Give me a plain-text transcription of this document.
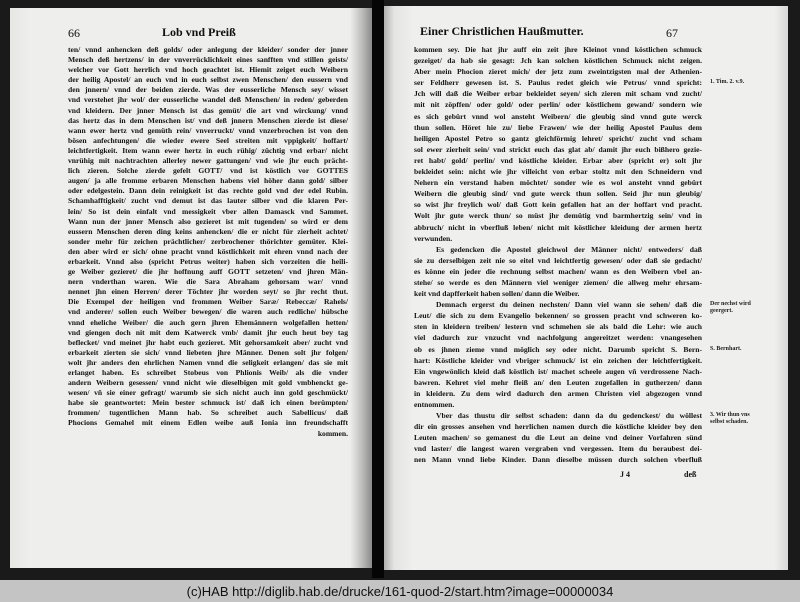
66	Lob vnd Preiß
ten/ vnnd anhencken deß golds/ oder anlegung der kleider/ sonder der jnner
Mensch deß hertzens/ in der vnverrücklichkeit eines sanfften vnd stillen geists/
welcher vor Gott herrlich vnd hoch geachtet ist. Hiemit zeiget euch Weibern
der heilig Apostel/ an euch vnd in euch selbst zwen Menschen/ den eussern vnd
den jnnern/ vnnd der beiden zierde. Was der eusserliche Mensch sey/ wisset
vnd verstehet jhr wol/ der eusserliche wandel deß Menschen/ in reden/ geberden
vnd kleidern. Der jnner Mensch ist das gemüt/ die art vnd wirckung/ vnnd
das hertz das in dem Menschen ist/ vnd deß jnnern Menschen zierde ist diese/
wann ewer hertz vnd gemüth rein/ vnverruckt/ vnnd vnzerbrochen ist von den
bösen anfechtungen/ die wieder ewere Seel streiten mit vppigkeit/ hoffart/
leichtfertigkeit. Item wann ewer hertz in euch rühig/ züchtig vnd erbar/ nicht
vnrühig mit nachtrachten allerley newer gattungen/ vnd wie jhr euch prächt-
lich zieren. Solche zierde gefelt GOTT/ vnd ist köstlich vor GOTTES
augen/ ja alle fromme erbaren Menschen habens viel höher dann gold/ silber
oder edelgestein. Dann dein reinigkeit ist das rechte gold vnd der edel Rubin.
Schamhafftigkeit/ zucht vnd demut ist das lauter silber vnd die klaren Per-
lein/ So ist dein einfalt vnd messigkeit vber allen Damasck vnd Sammet.
Wann nun der jnner Mensch also gezieret ist mit tugenden/ so wird er dem
eussern Menschen deren ding keins anhencken/ die er nicht für zierheit achtet/
sonder mehr für zeichen prächtlicher/ zerbrochener thörichter gemüter. Klei-
den aber wird er sich/ ohne pracht vnnd köstlichkeit mit ehren vnnd nach der
erbarkeit. Vnnd also (spricht Petrus weiter) haben sich vorzeiten die heili-
ge Weiber gezieret/ die jhr hoffnung auff GOTT setzeten/ vnd jhren Män-
nern vnderthan waren. Wie die Sara Abraham gehorsam war/ vnnd
nennet jhn einen Herren/ derer Töchter jhr worden seyt/ so jhr recht thut.
Die Exempel der heiligen vnd frommen Weiber Saræ/ Rebeccæ/ Rahels/
vnd anderer/ sollen euch Weiber bewegen/ die waren auch redliche/ hübsche
vnnd eheliche Weiber/ die auch gern jhren Ehemännern wolgefallen hetten/
vnd giengen doch nit mit dem Katwerck vmb/ damit jhr euch heut bey tag
beflecket/ vnd meinet jhr habt euch gezieret. Mit gehorsamkeit aber/ zucht vnd
erbarkeit zierten sie sich/ vnnd liebeten jhre Männer. Denen solt jhr folgen/
wolt jhr anders den ehrlichen Namen vnnd die seligkeit erlangen/ das sie mit
erlanget haben. Es schreibet Stobeus von Phlionis Weib/ als die vnder
andern Weibern gesessen/ vnnd nicht wie dieselbigen mit gold vmbhenckt ge-
wesen/ vñ sie einer gefragt/ warumb sie sich nicht auch inn gold geschmückt/
habe sie geantwortet: Mein bester schmuck ist/ daß ich einen berümpten/
frommen/ tugentlichen Mann hab. So schreibet auch Sabellicus/ daß
Phocions Gemahel mit einem Edlen weibe auß Ionia inn freundschafft
kommen.
Einer Christlichen Haußmutter.	67
kommen sey. Die hat jhr auff ein zeit jhre Kleinot vnnd köstlichen schmuck
gezeiget/ da hab sie gesagt: Jch kan solchen köstlichen Schmuck nicht zeigen.
Aber mein Phocion zieret mich/ der jetz zum zweintzigsten mal der Athenien-
ser Feldherr gewesen ist. S. Paulus redet gleich wie Petrus/ vnnd spricht:
Jch will daß die Weiber erbar bekleidet seyen/ sich zieren mit scham vnd zucht/
mit nit zöpffen/ oder gold/ oder perlin/ oder köstlichem gewand/ sondern wie
es sich gebürt vnnd wol ansteht Weibern/ die gleubig sind vnnd gute werck
thun sollen. Höret hie zu/ liebe Frawen/ wie der heilig Apostel Paulus dem
heiligen Apostel Petro so gantz gleichförmig lehret/ spricht/ zucht vnd scham
sol ewer zierheit sein/ vnd strickt euch das glat ab/ damit jhr euch bißhero gezie-
ret habt/ gold/ perlin/ vnd köstliche kleider. Erbar aber (spricht er) solt jhr
bekleidet sein: nicht wie jhr villeicht von erbar stoltz mit den Schneidern vnd
Nehern ein verstand haben möchtet/ sonder wie es wol ansteht vnnd gebürt
Weibern die gleubig sind/ vnd gute werck thun sollen. Seid jhr nun gleubig/
so wist jhr freylich wol/ daß Gott kein gefallen hat an der hoffart vnd pracht.
Wolt jhr gute werck thun/ so müst jhr demütig vnd barmhertzig sein/ vnd in
abbruch/ nicht in vberfluß leben/ nicht mit köstlicher kleidung der armen hertz
verwunden.
Es gedencken die Apostel gleichwol der Männer nicht/ entweders/ daß
sie zu derselbigen zeit nie so eitel vnd leichtfertig gewesen/ oder daß sie gedacht/
es könne ein jeder die rechnung selbst machen/ wann es den Weibern vbel an-
stehe/ so werde es den Männern viel weniger ziemen/ die allweg mehr ehrsam-
keit vnd dapfferkeit haben sollen/ dann die Weiber.
Demnach ergerst du deinen nechsten/ Dann viel wann sie sehen/ daß die
Leut/ die sich zu dem Evangelio bekennen/ so grossen pracht vnd schweren ko-
sten in kleidern treiben/ lestern vnd schmehen sie als bald die Lehr: wie auch
viel dadurch zur vnzucht vnd nachfolgung angereitzet werden: vnangesehen
ob es jhnen zieme vnnd möglich sey oder nicht. Darumb spricht S. Bern-
hart: Köstliche kleider vnd vbriger schmuck/ ist ein zeichen der leichtfertigkeit.
Ein vngewönlich kleid daß köstlich ist/ machet scheele augen vñ verdrossene Nach-
bawren. Kehret viel mehr fleiß an/ den Leuten zugefallen in gutherzen/ dann
in kleidern. Zu dem wird dadurch den armen Christen viel abgezogen vnnd
entnommen.
Vber das thustu dir selbst schaden: dann da du gedenckest/ du wöllest
dir ein grosses ansehen vnd herrlichen namen durch die köstliche kleider bey den
Leuten machen/ so gemanest du die Leut an deine vnd deiner Vorfahren sünd
vnd laster/ die langest waren vergraben vnd vergessen. Item du beraubest dei-
nen Mann vnnd liebe Kinder. Dann dieselbe müssen durch solchen vberfluß
J 4	deß
1. Tim. 2. v.9.
Der nechst wird geergert.
S. Bernhart.
3. Wir thun vns selbst schaden.
(c)HAB http://diglib.hab.de/drucke/161-quod-2/start.htm?image=00000034
